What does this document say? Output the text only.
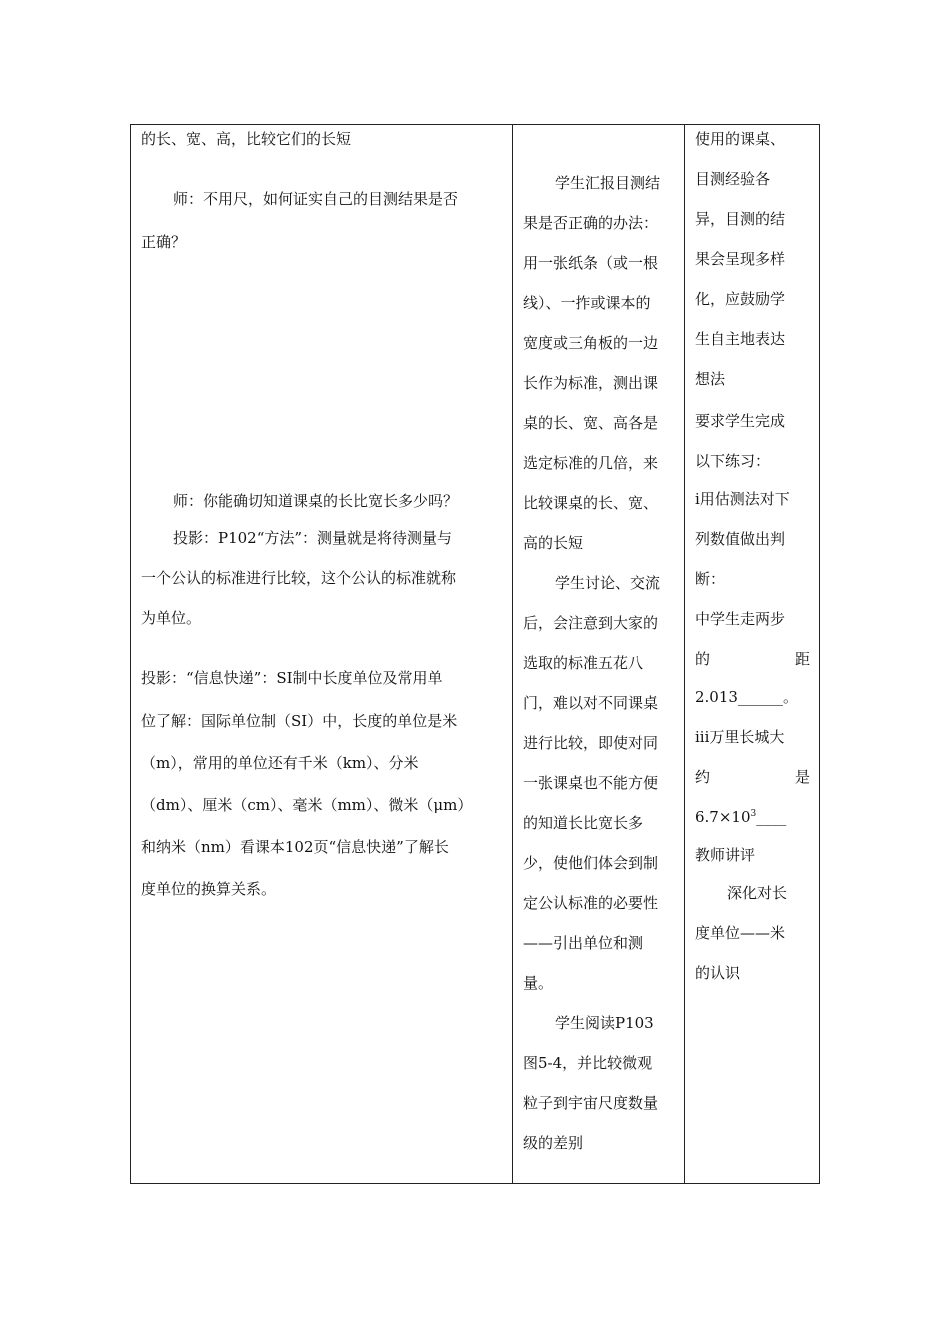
的长、宽、高，比较它们的长短

师：不用尺，如何证实自己的目测结果是否

正确？

师：你能确切知道课桌的长比宽长多少吗？

投影：P102“方法”：测量就是将待测量与

一个公认的标准进行比较，这个公认的标准就称

为单位。

投影：“信息快递”：SI制中长度单位及常用单

位了解：国际单位制（SI）中，长度的单位是米

（m），常用的单位还有千米（km）、分米

（dm）、厘米（cm）、毫米（mm）、微米（μm）

和纳米（nm）看课本102页“信息快递”了解长

度单位的换算关系。

学生汇报目测结

果是否正确的办法：

用一张纸条（或一根

线）、一拃或课本的

宽度或三角板的一边

长作为标准，测出课

桌的长、宽、高各是

选定标准的几倍，来

比较课桌的长、宽、

高的长短

学生讨论、交流

后，会注意到大家的

选取的标准五花八

门，难以对不同课桌

进行比较，即使对同

一张课桌也不能方便

的知道长比宽长多

少，使他们体会到制

定公认标准的必要性

——引出单位和测

量。

学生阅读P103

图5-4，并比较微观

粒子到宇宙尺度数量

级的差别

使用的课桌、

目测经验各

异，目测的结

果会呈现多样

化，应鼓励学

生自主地表达

想法

要求学生完成

以下练习：

i用估测法对下

列数值做出判

断：

中学生走两步

的	距

2.013______。

iii万里长城大

约	是

$6.7\times 10^3\_\_\_\_$

教师讲评

深化对长

度单位——米

的认识
